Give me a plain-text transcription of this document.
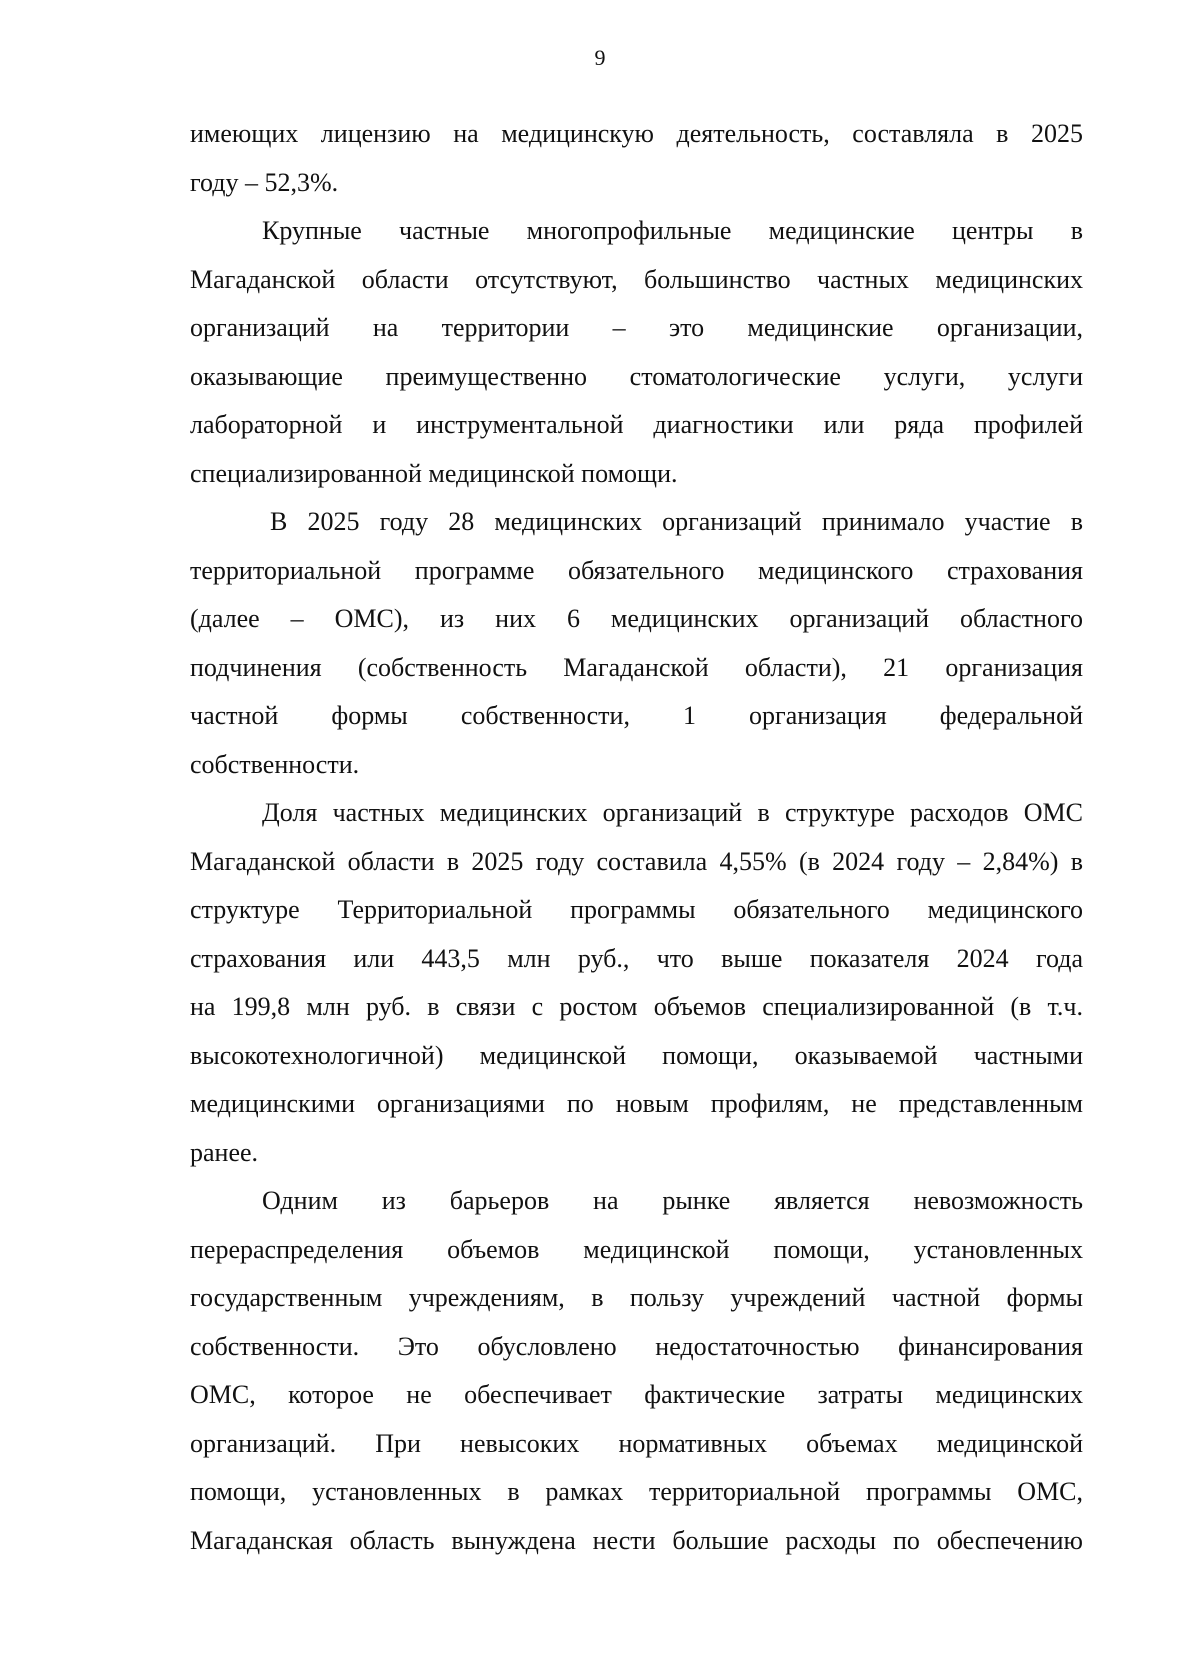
9
имеющих лицензию на медицинскую деятельность, составляла в 2025
году – 52,3%.
Крупные частные многопрофильные медицинские центры в
Магаданской области отсутствуют, большинство частных медицинских
организаций на территории – это медицинские организации,
оказывающие преимущественно стоматологические услуги, услуги
лабораторной и инструментальной диагностики или ряда профилей
специализированной медицинской помощи.
В 2025 году 28 медицинских организаций принимало участие в
территориальной программе обязательного медицинского страхования
(далее – ОМС), из них 6 медицинских организаций областного
подчинения (собственность Магаданской области), 21 организация
частной формы собственности, 1 организация федеральной
собственности.
Доля частных медицинских организаций в структуре расходов ОМС
Магаданской области в 2025 году составила 4,55% (в 2024 году – 2,84%) в
структуре Территориальной программы обязательного медицинского
страхования или 443,5 млн руб., что выше показателя 2024 года
на 199,8 млн руб. в связи с ростом объемов специализированной (в т.ч.
высокотехнологичной) медицинской помощи, оказываемой частными
медицинскими организациями по новым профилям, не представленным
ранее.
Одним из барьеров на рынке является невозможность
перераспределения объемов медицинской помощи, установленных
государственным учреждениям, в пользу учреждений частной формы
собственности. Это обусловлено недостаточностью финансирования
ОМС, которое не обеспечивает фактические затраты медицинских
организаций. При невысоких нормативных объемах медицинской
помощи, установленных в рамках территориальной программы ОМС,
Магаданская область вынуждена нести большие расходы по обеспечению
